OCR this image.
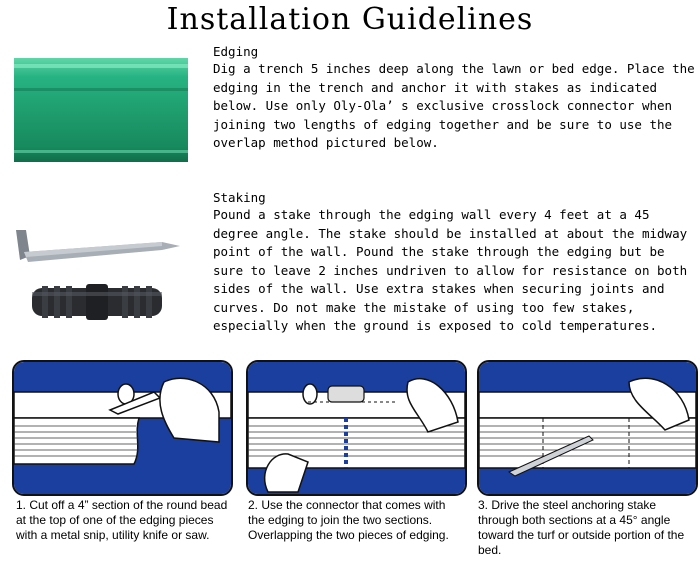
Installation Guidelines
Edging

Dig a trench 5 inches deep along the lawn or bed edge. Place the edging in the trench and anchor it with stakes as indicated below. Use only Oly-Ola’ s exclusive crosslock connector when joining two lengths of edging together and be sure to use the overlap method pictured below.

Staking

Pound a stake through the edging wall every 4 feet at a 45 degree angle. The stake should be installed at about the midway point of the wall. Pound the stake through the edging but be sure to leave 2 inches undriven to allow for resistance on both sides of the wall. Use extra stakes when securing joints and curves. Do not make the mistake of using too few stakes, especially when the ground is exposed to cold temperatures.

1. Cut off a 4” section of the round bead at the top of one of the edging pieces with a metal snip, utility knife or saw.

2. Use the connector that comes with the edging to join the two sections. Overlapping the two pieces of edging.

3. Drive the steel anchoring stake through both sections at a 45° angle toward the turf or outside portion of the bed.
